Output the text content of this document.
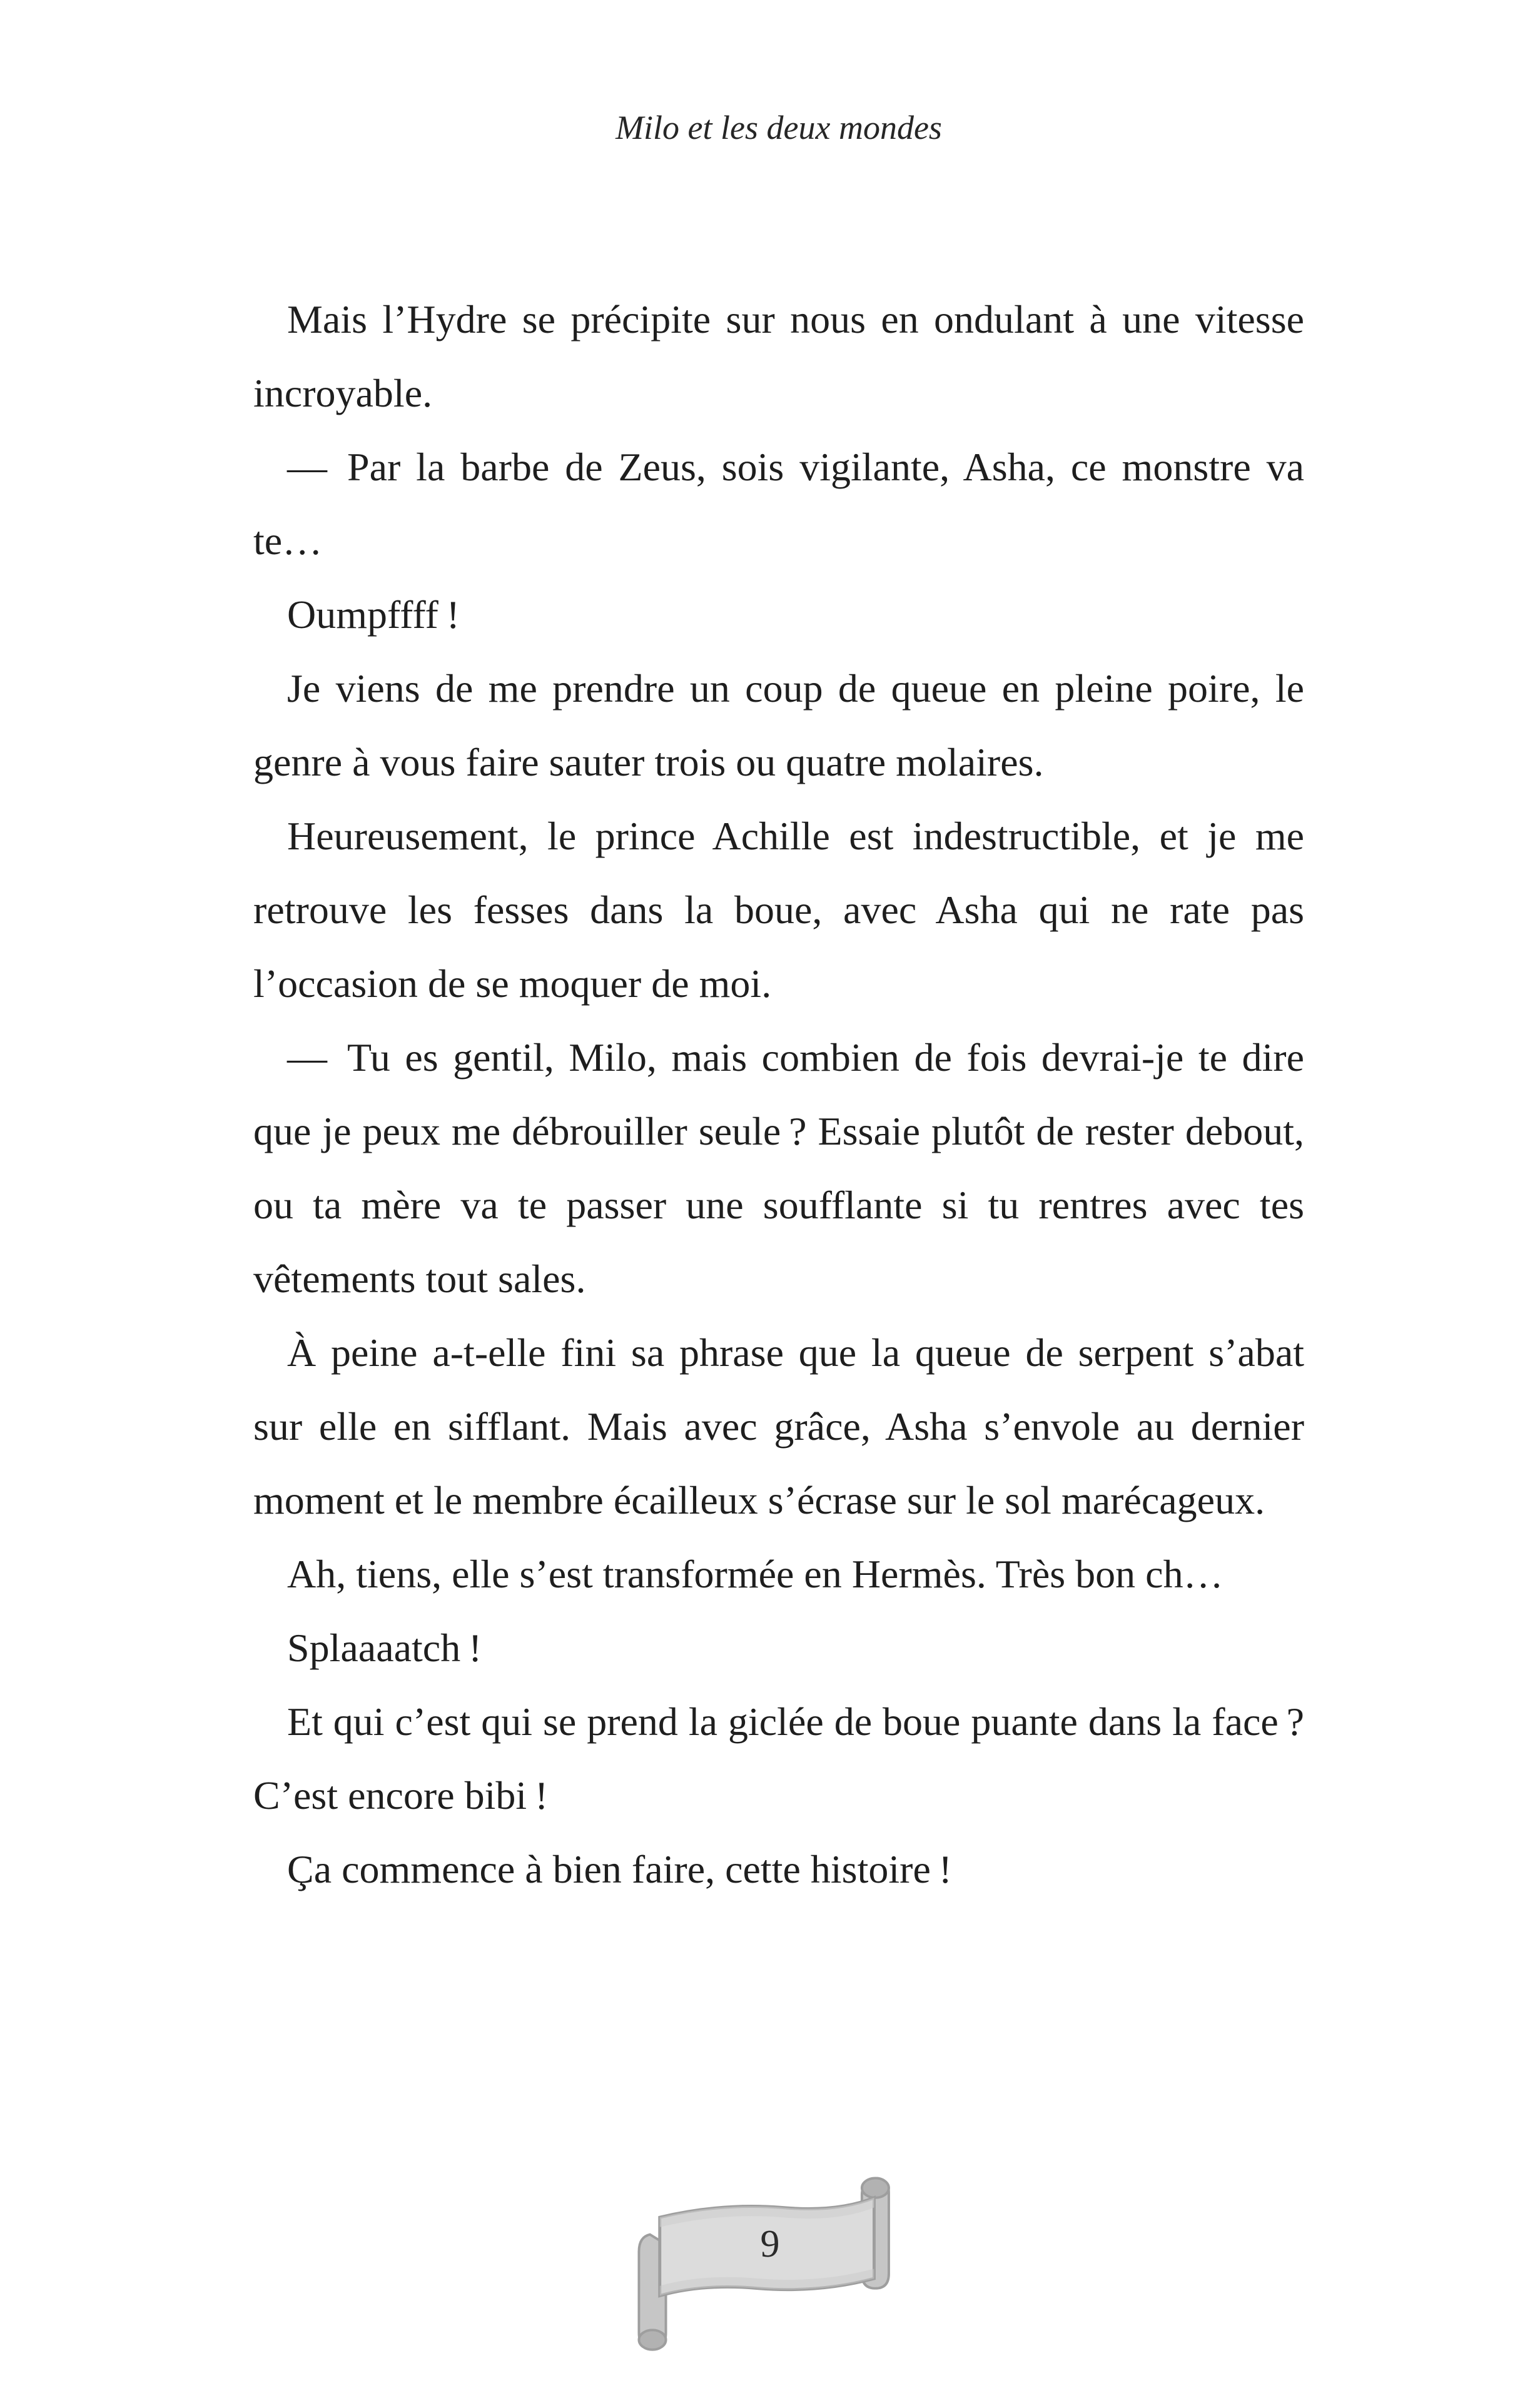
Milo et les deux mondes

Mais l’Hydre se précipite sur nous en ondulant à une vitesse incroyable.

— Par la barbe de Zeus, sois vigilante, Asha, ce monstre va te…

Oumpffff !

Je viens de me prendre un coup de queue en pleine poire, le genre à vous faire sauter trois ou quatre molaires.

Heureusement, le prince Achille est indestructible, et je me retrouve les fesses dans la boue, avec Asha qui ne rate pas l’occasion de se moquer de moi.

— Tu es gentil, Milo, mais combien de fois devrai-je te dire que je peux me débrouiller seule ? Essaie plutôt de rester debout, ou ta mère va te passer une soufflante si tu rentres avec tes vêtements tout sales.

À peine a-t-elle fini sa phrase que la queue de serpent s’abat sur elle en sifflant. Mais avec grâce, Asha s’envole au dernier moment et le membre écailleux s’écrase sur le sol marécageux.

Ah, tiens, elle s’est transformée en Hermès. Très bon ch…

Splaaaatch !

Et qui c’est qui se prend la giclée de boue puante dans la face ? C’est encore bibi !

Ça commence à bien faire, cette histoire !

9
